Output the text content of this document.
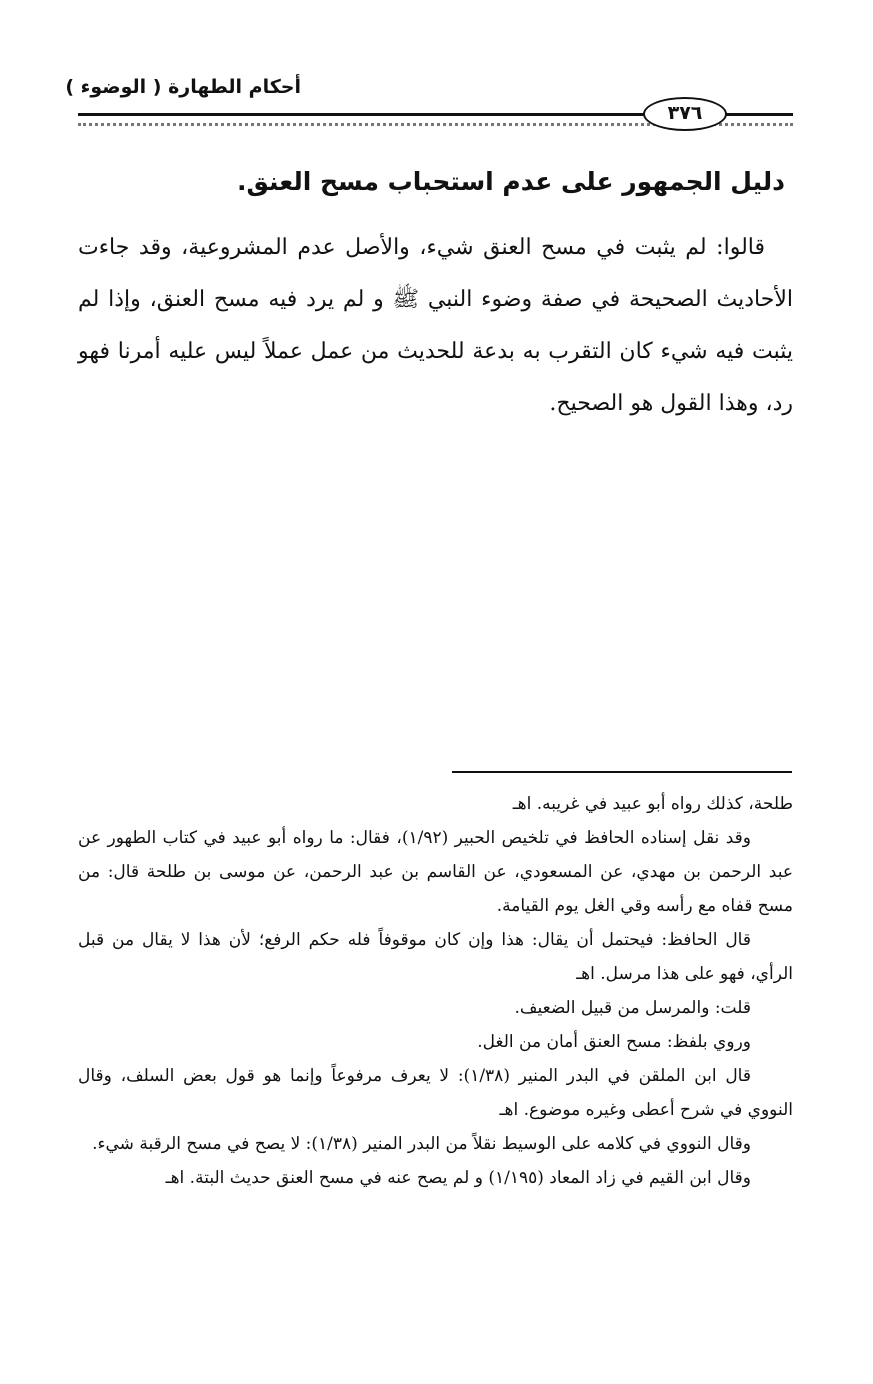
أحكام الطهارة ( الوضوء )
٣٧٦
دليل الجمهور على عدم استحباب مسح العنق.

قالوا: لم يثبت في مسح العنق شيء، والأصل عدم المشروعية، وقد جاءت الأحاديث الصحيحة في صفة وضوء النبي ﷺ و لم يرد فيه مسح العنق، وإذا لم يثبت فيه شيء كان التقرب به بدعة للحديث من عمل عملاً ليس عليه أمرنا فهو رد، وهذا القول هو الصحيح.

طلحة، كذلك رواه أبو عبيد في غريبه. اهـ

وقد نقل إسناده الحافظ في تلخيص الحبير (١/٩٢)، فقال: ما رواه أبو عبيد في كتاب الطهور عن عبد الرحمن بن مهدي، عن المسعودي، عن القاسم بن عبد الرحمن، عن موسى بن طلحة قال: من مسح قفاه مع رأسه وقي الغل يوم القيامة.

قال الحافظ: فيحتمل أن يقال: هذا وإن كان موقوفاً فله حكم الرفع؛ لأن هذا لا يقال من قبل الرأي، فهو على هذا مرسل. اهـ

قلت: والمرسل من قبيل الضعيف.

وروي بلفظ: مسح العنق أمان من الغل.

قال ابن الملقن في البدر المنير (١/٣٨): لا يعرف مرفوعاً وإنما هو قول بعض السلف، وقال النووي في شرح أعطى وغيره موضوع. اهـ

وقال النووي في كلامه على الوسيط نقلاً من البدر المنير (١/٣٨): لا يصح في مسح الرقبة شيء.

وقال ابن القيم في زاد المعاد (١/١٩٥) و لم يصح عنه في مسح العنق حديث البتة. اهـ
